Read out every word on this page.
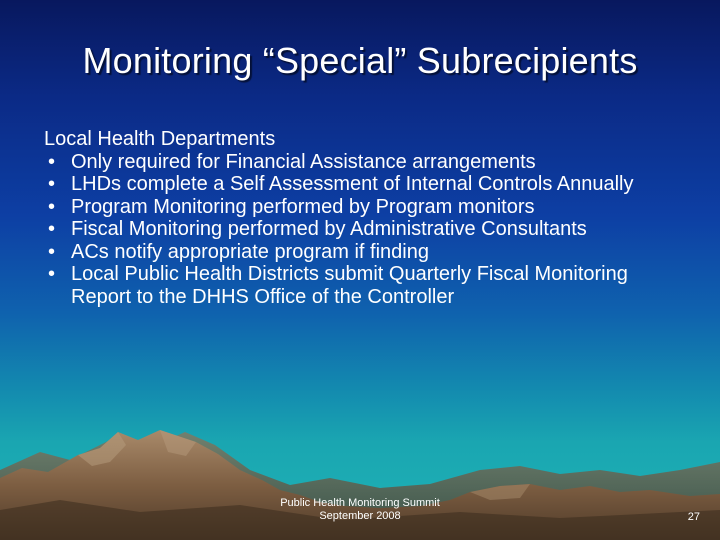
Monitoring “Special” Subrecipients
Local Health Departments
• Only required for Financial Assistance arrangements
• LHDs complete a Self Assessment of Internal Controls Annually
• Program Monitoring performed by Program monitors
• Fiscal Monitoring performed by Administrative Consultants
• ACs notify appropriate program if finding
• Local Public Health Districts submit Quarterly Fiscal Monitoring Report to the DHHS Office of the Controller
Public Health Monitoring Summit
September 2008	27
